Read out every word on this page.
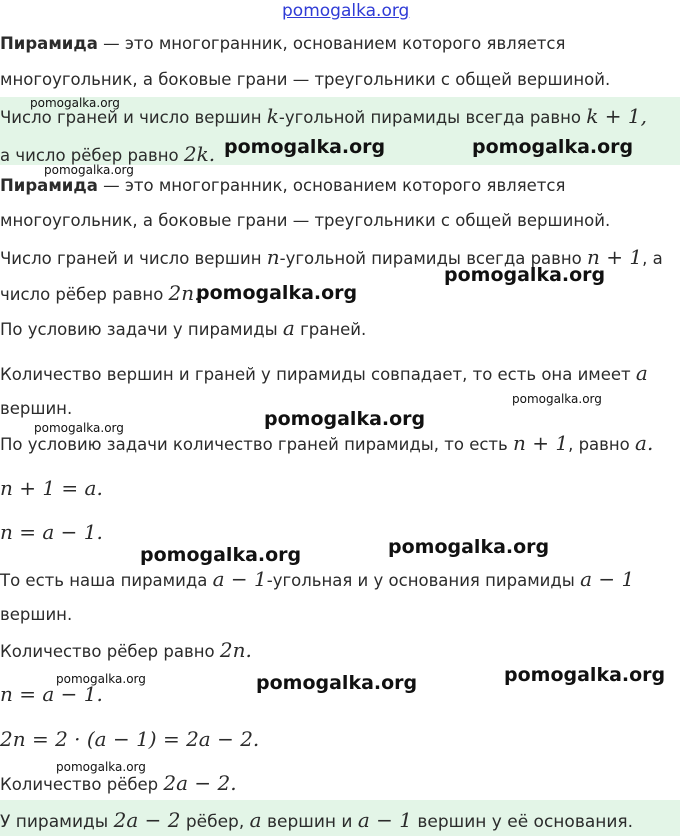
pomogalka.org
Пирамида — это многогранник, основанием которого является
многоугольник, а боковые грани — треугольники с общей вершиной.
Число граней и число вершин k-угольной пирамиды всегда равно k + 1,
а число рёбер равно 2k.
Пирамида — это многогранник, основанием которого является
многоугольник, а боковые грани — треугольники с общей вершиной.
Число граней и число вершин n-угольной пирамиды всегда равно n + 1, а
число рёбер равно 2n.
По условию задачи у пирамиды a граней.
Количество вершин и граней у пирамиды совпадает, то есть она имеет a
вершин.
По условию задачи количество граней пирамиды, то есть n + 1, равно a.
n + 1 = a.
n = a − 1.
То есть наша пирамида a − 1-угольная и у основания пирамиды a − 1
вершин.
Количество рёбер равно 2n.
n = a − 1.
2n = 2 · (a − 1) = 2a − 2.
Количество рёбер 2a − 2.
У пирамиды 2a − 2 рёбер, a вершин и a − 1 вершин у её основания.
pomogalka.org
pomogalka.org
pomogalka.org	pomogalka.org
pomogalka.org
pomogalka.org
pomogalka.org
pomogalka.org
pomogalka.org
pomogalka.org
pomogalka.org
pomogalka.org
pomogalka.org	pomogalka.org
pomogalka.org
